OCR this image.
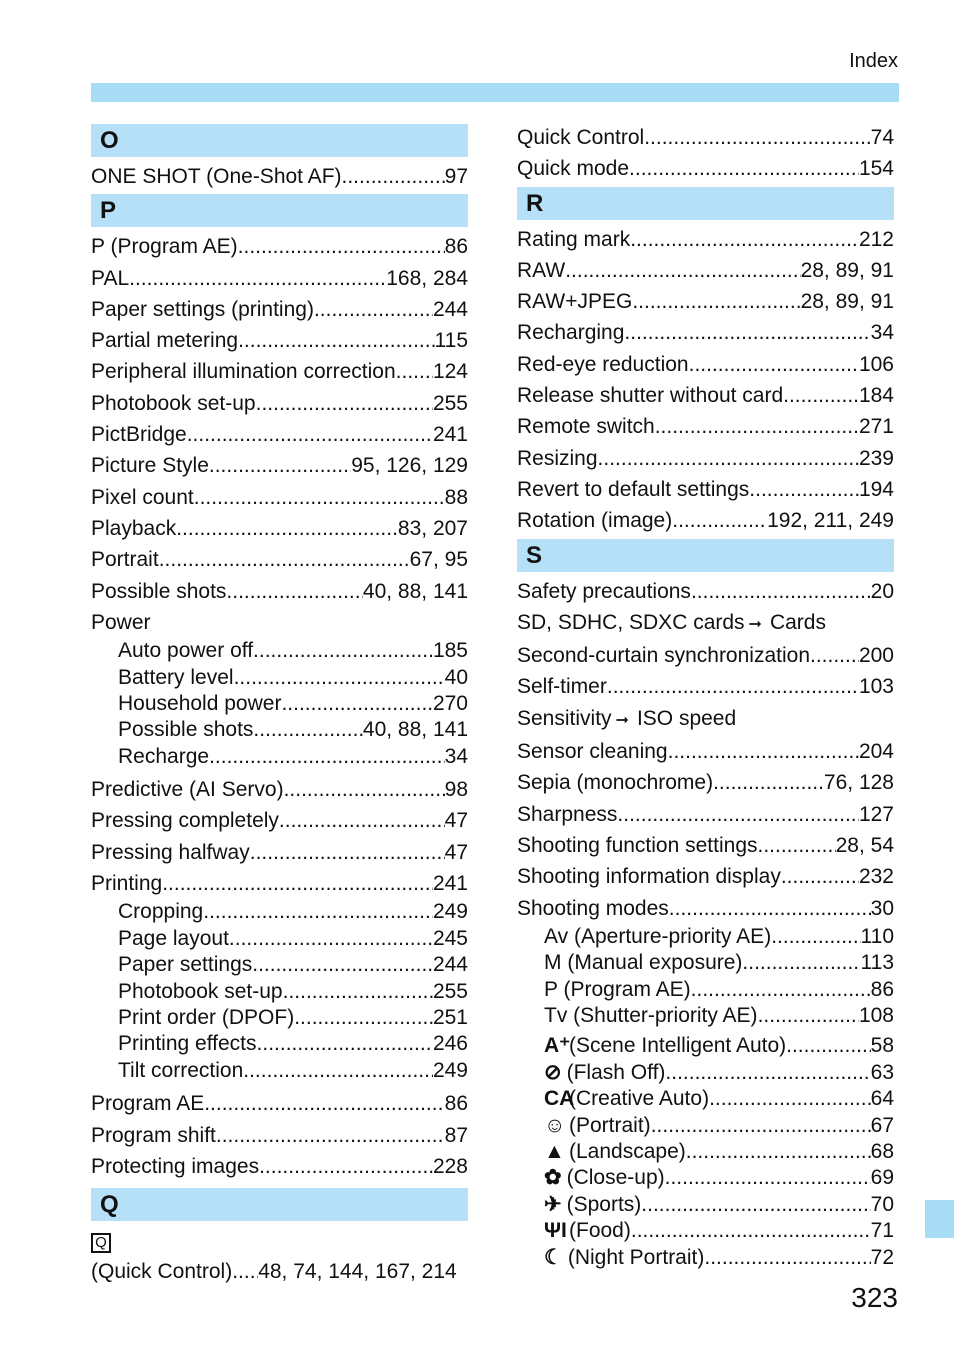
Index
323
O
ONE SHOT (One-Shot AF) .....	97
P
P (Program AE) .....	86
PAL .....	168, 284
Paper settings (printing) .....	244
Partial metering .....	115
Peripheral illumination correction ..... 124
Photobook set-up .....	255
PictBridge .....	241
Picture Style .....	95, 126, 129
Pixel count .....	88
Playback .....	83, 207
Portrait .....	67, 95
Possible shots .....	40, 88, 141
Power
Auto power off .....	185
Battery level .....	40
Household power .....	270
Possible shots .....	40, 88, 141
Recharge .....	34
Predictive (AI Servo) .....	98
Pressing completely .....	47
Pressing halfway .....	47
Printing .....	241
Cropping .....	249
Page layout .....	245
Paper settings .....	244
Photobook set-up .....	255
Print order (DPOF) .....	251
Printing effects .....	246
Tilt correction .....	249
Program AE .....	86
Program shift .....	87
Protecting images .....	228
Q
Q
(Quick Control) ..... 48, 74, 144, 167, 214
Quick Control .....	74
Quick mode .....	154
R
Rating mark .....	212
RAW .....	28, 89, 91
RAW+JPEG .....	28, 89, 91
Recharging .....	34
Red-eye reduction .....	106
Release shutter without card .....	184
Remote switch .....	271
Resizing .....	239
Revert to default settings .....	194
Rotation (image) .....	192, 211, 249
S
Safety precautions .....	20
SD, SDHC, SDXC cards ➞ Cards
Second-curtain synchronization ..... 200
Self-timer .....	103
Sensitivity ➞ ISO speed
Sensor cleaning .....	204
Sepia (monochrome) .....	76, 128
Sharpness .....	127
Shooting function settings .....	28, 54
Shooting information display .....	232
Shooting modes .....	30
Av (Aperture-priority AE) .....	110
M (Manual exposure) .....	113
P (Program AE) .....	86
Tv (Shutter-priority AE) .....	108
A⁺
(Scene Intelligent Auto) .....	58
⊘ (Flash Off) .....	63
CA
(Creative Auto) .....	64
☺ (Portrait) .....	67
▲ (Landscape) .....	68
✿ (Close-up) .....	69
✈ (Sports) .....	70
ΨΙ (Food) .....	71
☾ (Night Portrait) .....	72
